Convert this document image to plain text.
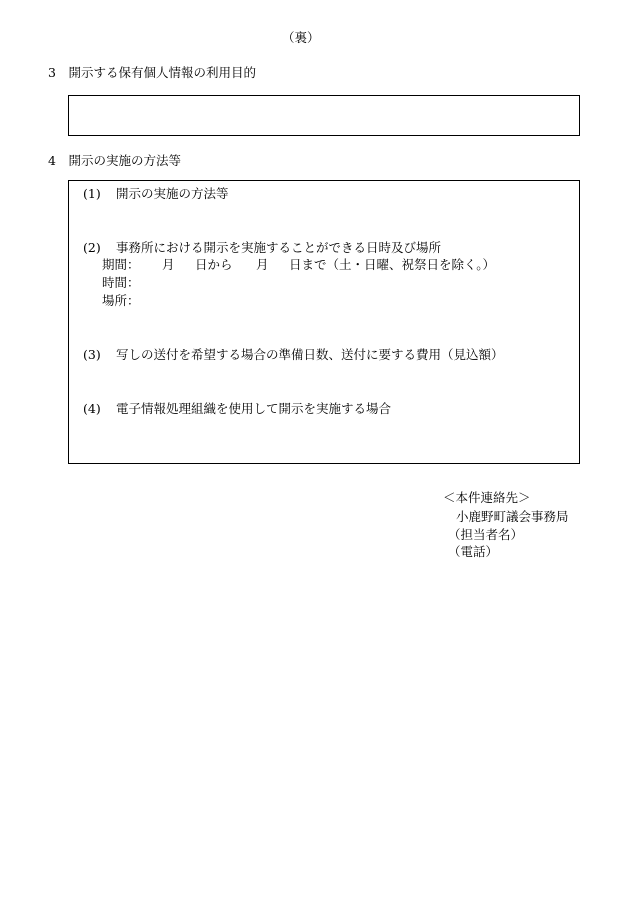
（裏）
3　開示する保有個人情報の利用目的
4　開示の実施の方法等
(1) 開示の実施の方法等
(2) 事務所における開示を実施することができる日時及び場所
期間： 月 日から 月 日まで（土・日曜、祝祭日を除く。）
時間：
場所：
(3) 写しの送付を希望する場合の準備日数、送付に要する費用（見込額）
(4) 電子情報処理組織を使用して開示を実施する場合
＜本件連絡先＞
小鹿野町議会事務局
（担当者名）
（電話）
